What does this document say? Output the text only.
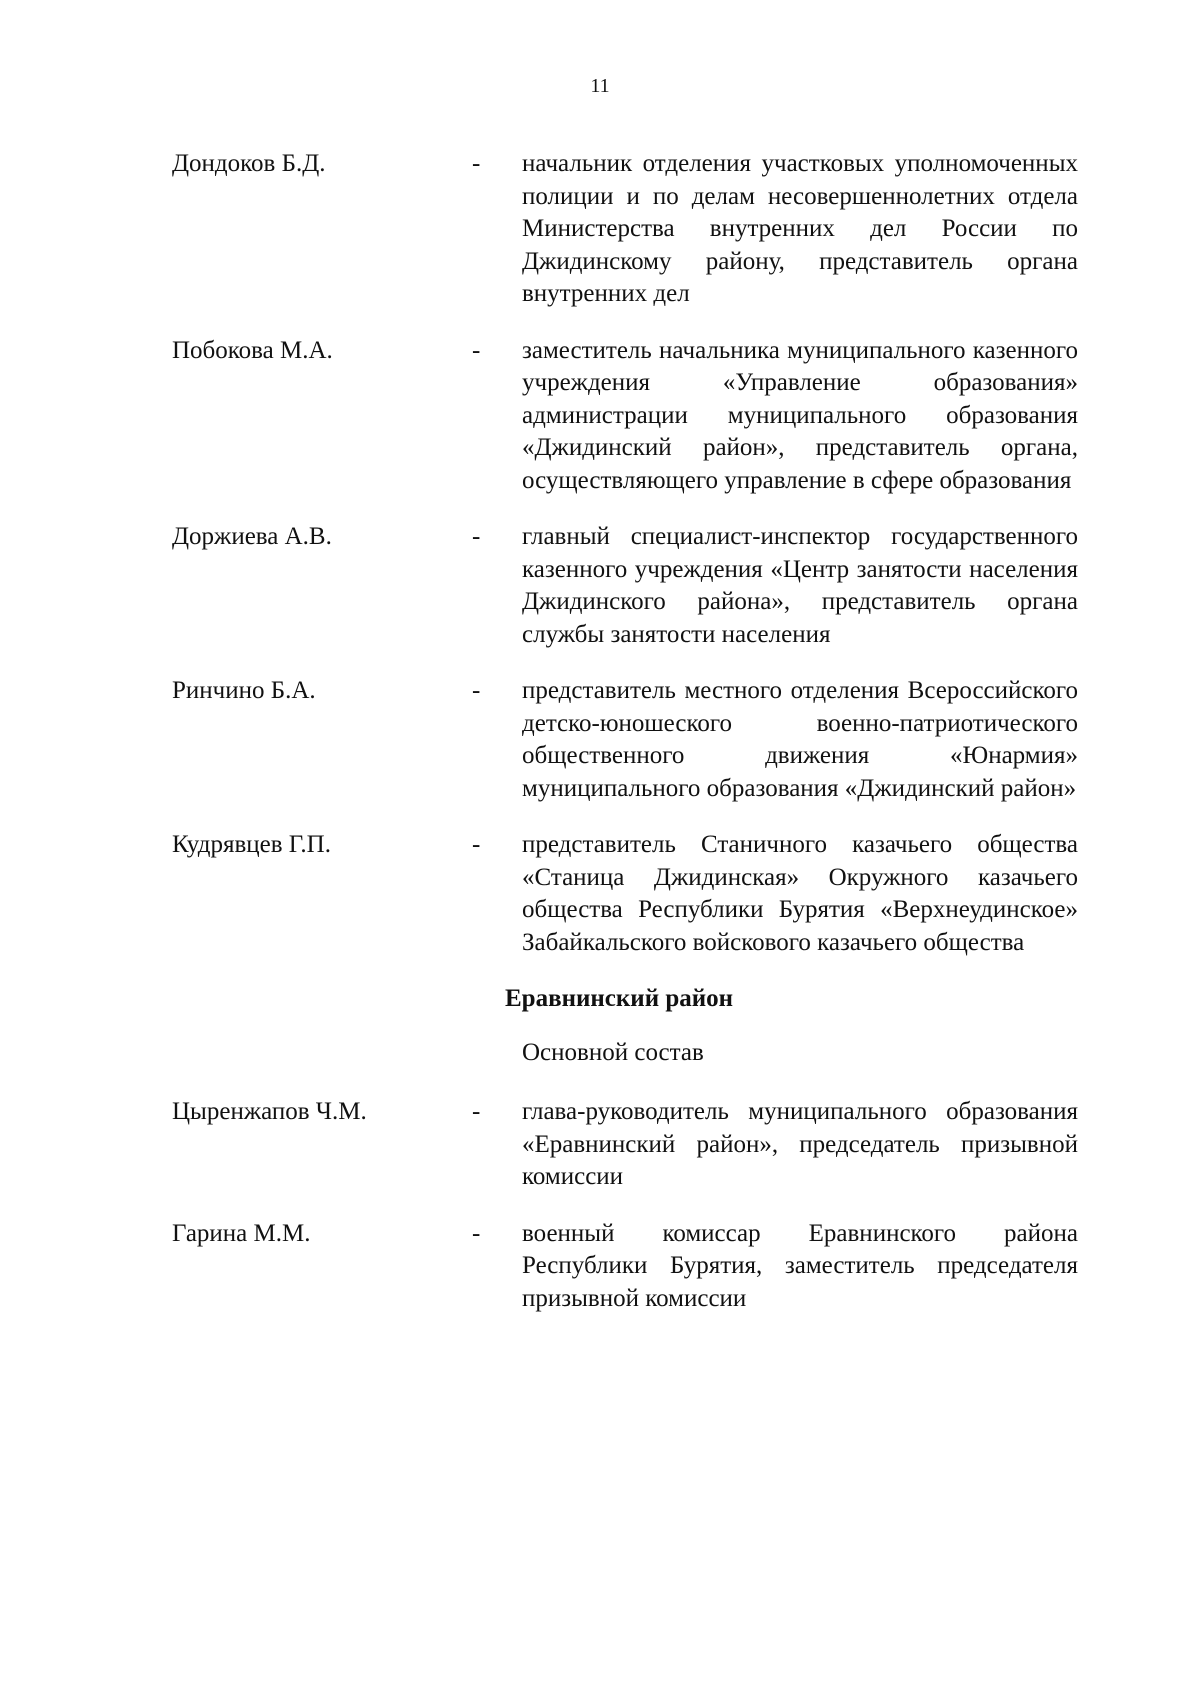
11
Дондоков Б.Д.	- начальник отделения участковых уполномоченных полиции и по делам несовершеннолетних отдела Министерства внутренних дел России по Джидинскому району, представитель органа внутренних дел
Побокова М.А.	- заместитель начальника муниципального казенного учреждения «Управление образования» администрации муниципального образования «Джидинский район», представитель органа, осуществляющего управление в сфере образования
Доржиева А.В.	- главный специалист-инспектор государственного казенного учреждения «Центр занятости населения Джидинского района», представитель органа службы занятости населения
Ринчино Б.А.	- представитель местного отделения Всероссийского детско-юношеского военно-патриотического общественного движения «Юнармия» муниципального образования «Джидинский район»
Кудрявцев Г.П.	- представитель Станичного казачьего общества «Станица Джидинская» Окружного казачьего общества Республики Бурятия «Верхнеудинское» Забайкальского войскового казачьего общества
Еравнинский район
Основной состав
Цыренжапов Ч.М.	- глава-руководитель муниципального образования «Еравнинский район», председатель призывной комиссии
Гарина М.М.	- военный комиссар Еравнинского района Республики Бурятия, заместитель председателя призывной комиссии
